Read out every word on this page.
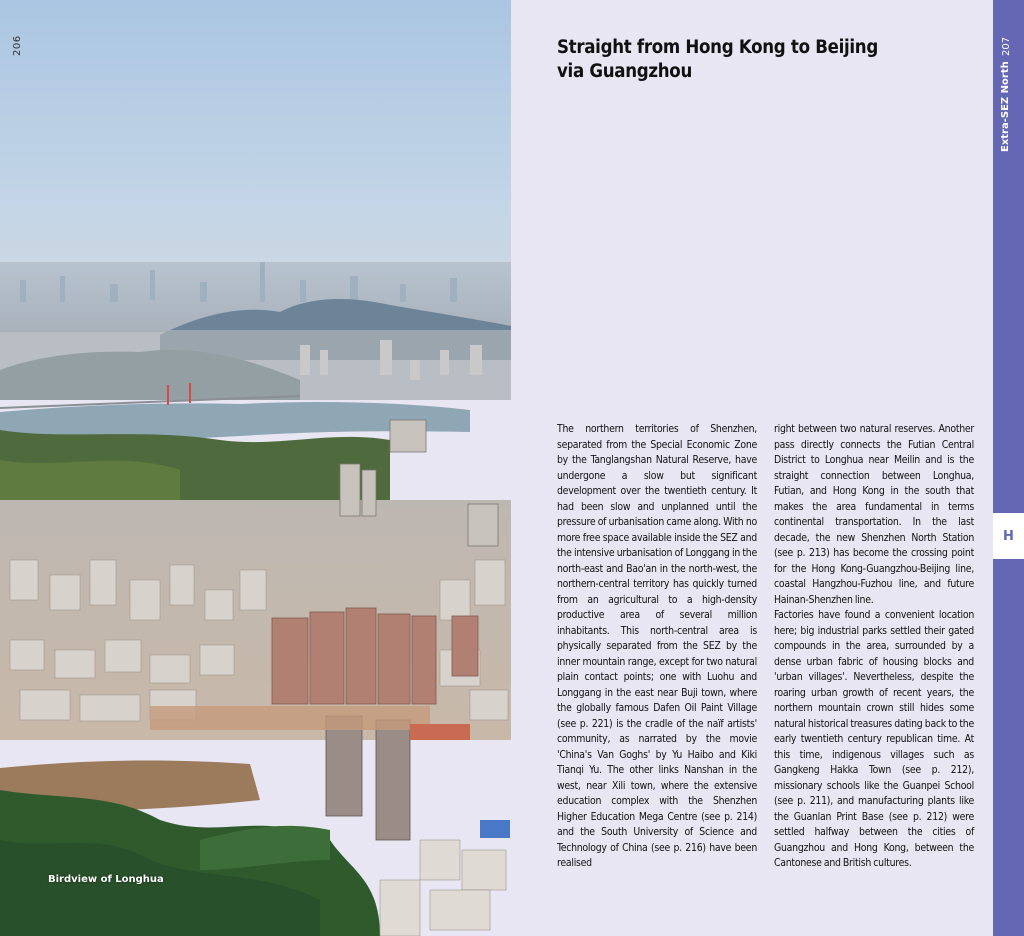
206
Birdview of Longhua
Straight from Hong Kong to Beijing
via Guangzhou

The northern territories of Shenzhen, separated from the Special Economic Zone by the Tanglangshan Natural Reserve, have undergone a slow but significant development over the twentieth century. It had been slow and unplanned until the pressure of urbanisation came along. With no more free space available inside the SEZ and the intensive urbanisation of Longgang in the north-east and Bao'an in the north-west, the northern-central territory has quickly turned from an agricultural to a high-density productive area of several million inhabitants. This north-central area is physically separated from the SEZ by the inner mountain range, except for two natural plain contact points; one with Luohu and Longgang in the east near Buji town, where the globally famous Dafen Oil Paint Village (see p. 221) is the cradle of the naïf artists' community, as narrated by the movie 'China's Van Goghs' by Yu Haibo and Kiki Tianqi Yu. The other links Nanshan in the west, near Xili town, where the extensive education complex with the Shenzhen Higher Education Mega Centre (see p. 214) and the South University of Science and Technology of China (see p. 216) have been realised

right between two natural reserves. Another pass directly connects the Futian Central District to Longhua near Meilin and is the straight connection between Longhua, Futian, and Hong Kong in the south that makes the area fundamental in terms continental transportation. In the last decade, the new Shenzhen North Station (see p. 213) has become the crossing point for the Hong Kong-Guangzhou-Beijing line, coastal Hangzhou-Fuzhou line, and future Hainan-Shenzhen line.

Factories have found a convenient location here; big industrial parks settled their gated compounds in the area, surrounded by a dense urban fabric of housing blocks and 'urban villages'. Nevertheless, despite the roaring urban growth of recent years, the northern mountain crown still hides some natural historical treasures dating back to the early twentieth century republican time. At this time, indigenous villages such as Gangkeng Hakka Town (see p. 212), missionary schools like the Guanpei School (see p. 211), and manufacturing plants like the Guanlan Print Base (see p. 212) were settled halfway between the cities of Guangzhou and Hong Kong, between the Cantonese and British cultures.

207
Extra-SEZ North
H
